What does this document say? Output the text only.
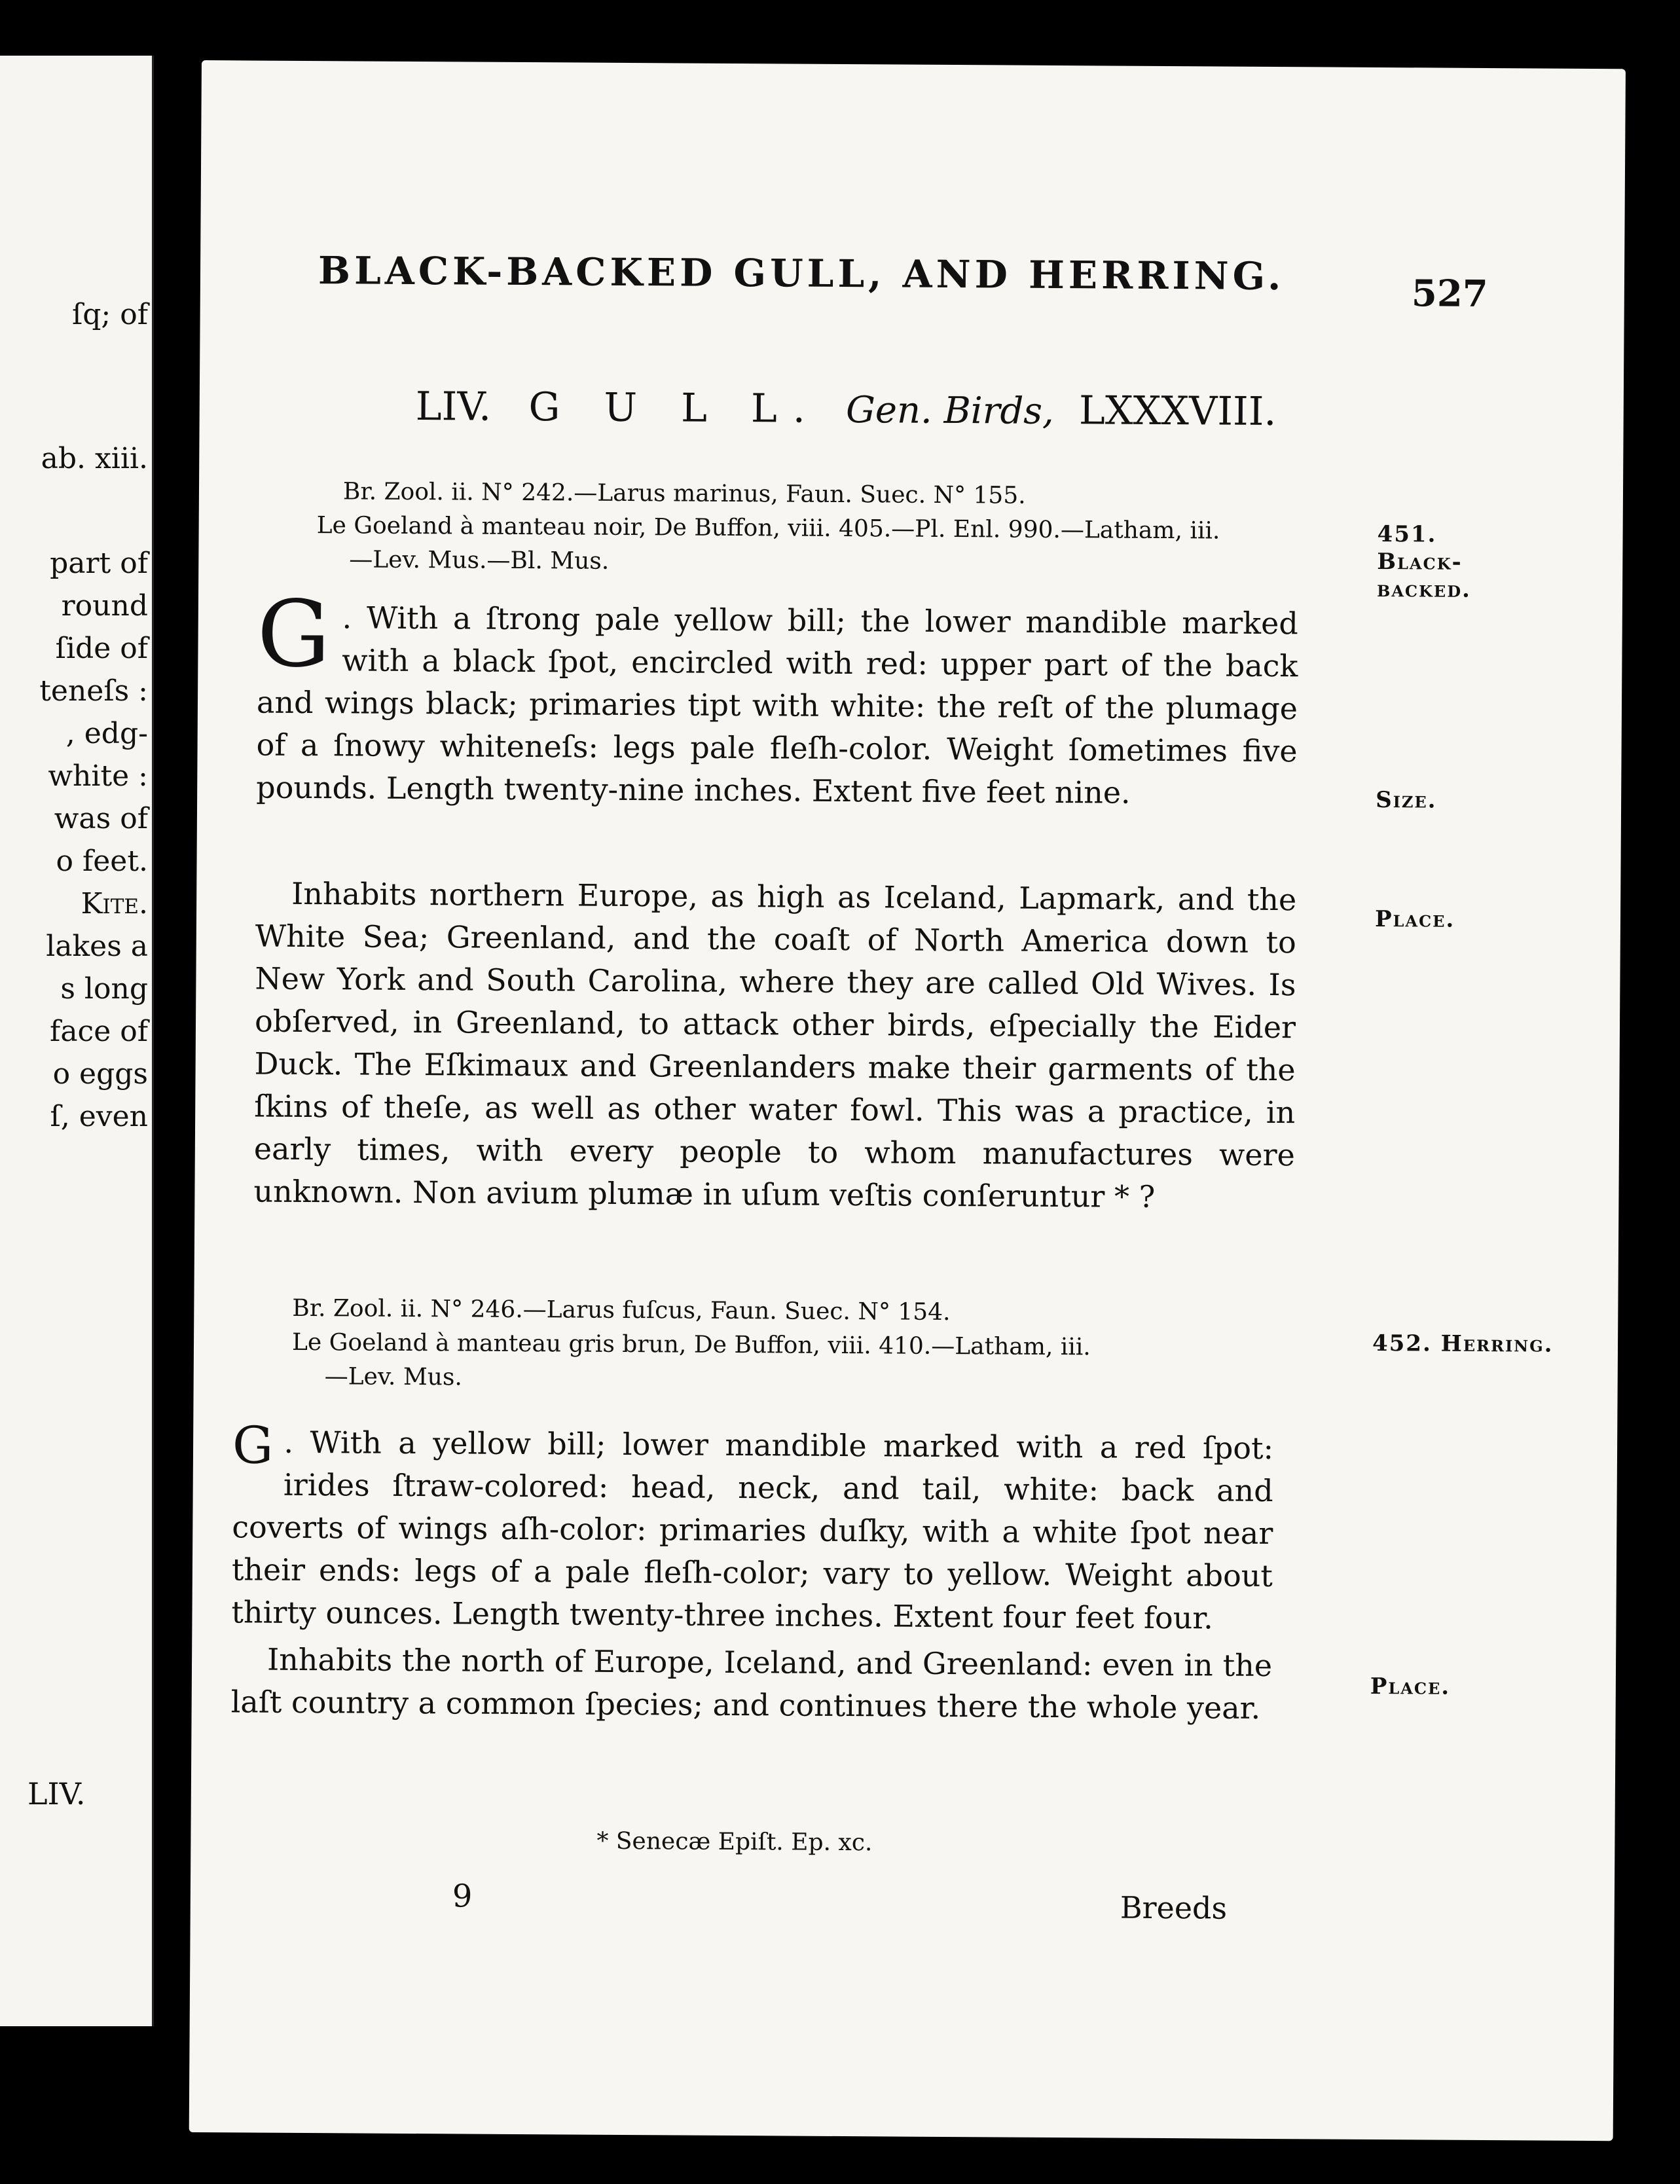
ſq; of
ab. xiii.
part of
round
ſide of
teneſs :
, edg-
white :
was of
o feet.
Kite.
lakes a
s long
face of
o eggs
ſ, even
LIV.
BLACK-BACKED GULL, AND HERRING.	527
LIV. G U L L. Gen. Birds, LXXXVIII.
Br. Zool. ii. N° 242.—Larus marinus, Faun. Suec. N° 155.
Le Goeland à manteau noir, De Buffon, viii. 405.—Pl. Enl. 990.—Latham, iii.
—Lev. Mus.—Bl. Mus.
451. Black-backed.
G . With a ſtrong pale yellow bill; the lower mandible marked with a black ſpot, encircled with red: upper part of the back and wings black; primaries tipt with white: the reſt of the plumage of a ſnowy whiteneſs: legs pale fleſh-color. Weight ſometimes five pounds. Length twenty-nine inches. Extent five feet nine.	Size.
Inhabits northern Europe, as high as Iceland, Lapmark, and the White Sea; Greenland, and the coaſt of North America down to New York and South Carolina, where they are called Old Wives. Is obſerved, in Greenland, to attack other birds, eſpecially the Eider Duck. The Eſkimaux and Greenlanders make their garments of the ſkins of theſe, as well as other water fowl. This was a practice, in early times, with every people to whom manufactures were unknown. Non avium plumæ in uſum veſtis conſeruntur * ?
Place.
Br. Zool. ii. N° 246.—Larus fuſcus, Faun. Suec. N° 154.
Le Goeland à manteau gris brun, De Buffon, viii. 410.—Latham, iii.
—Lev. Mus.
452. Herring.
G . With a yellow bill; lower mandible marked with a red ſpot: irides ſtraw-colored: head, neck, and tail, white: back and coverts of wings aſh-color: primaries duſky, with a white ſpot near their ends: legs of a pale fleſh-color; vary to yellow. Weight about thirty ounces. Length twenty-three inches. Extent four feet four.
Inhabits the north of Europe, Iceland, and Greenland: even in the laſt country a common ſpecies; and continues there the whole year.	Place.
* Senecæ Epiſt. Ep. xc.
9	Breeds
